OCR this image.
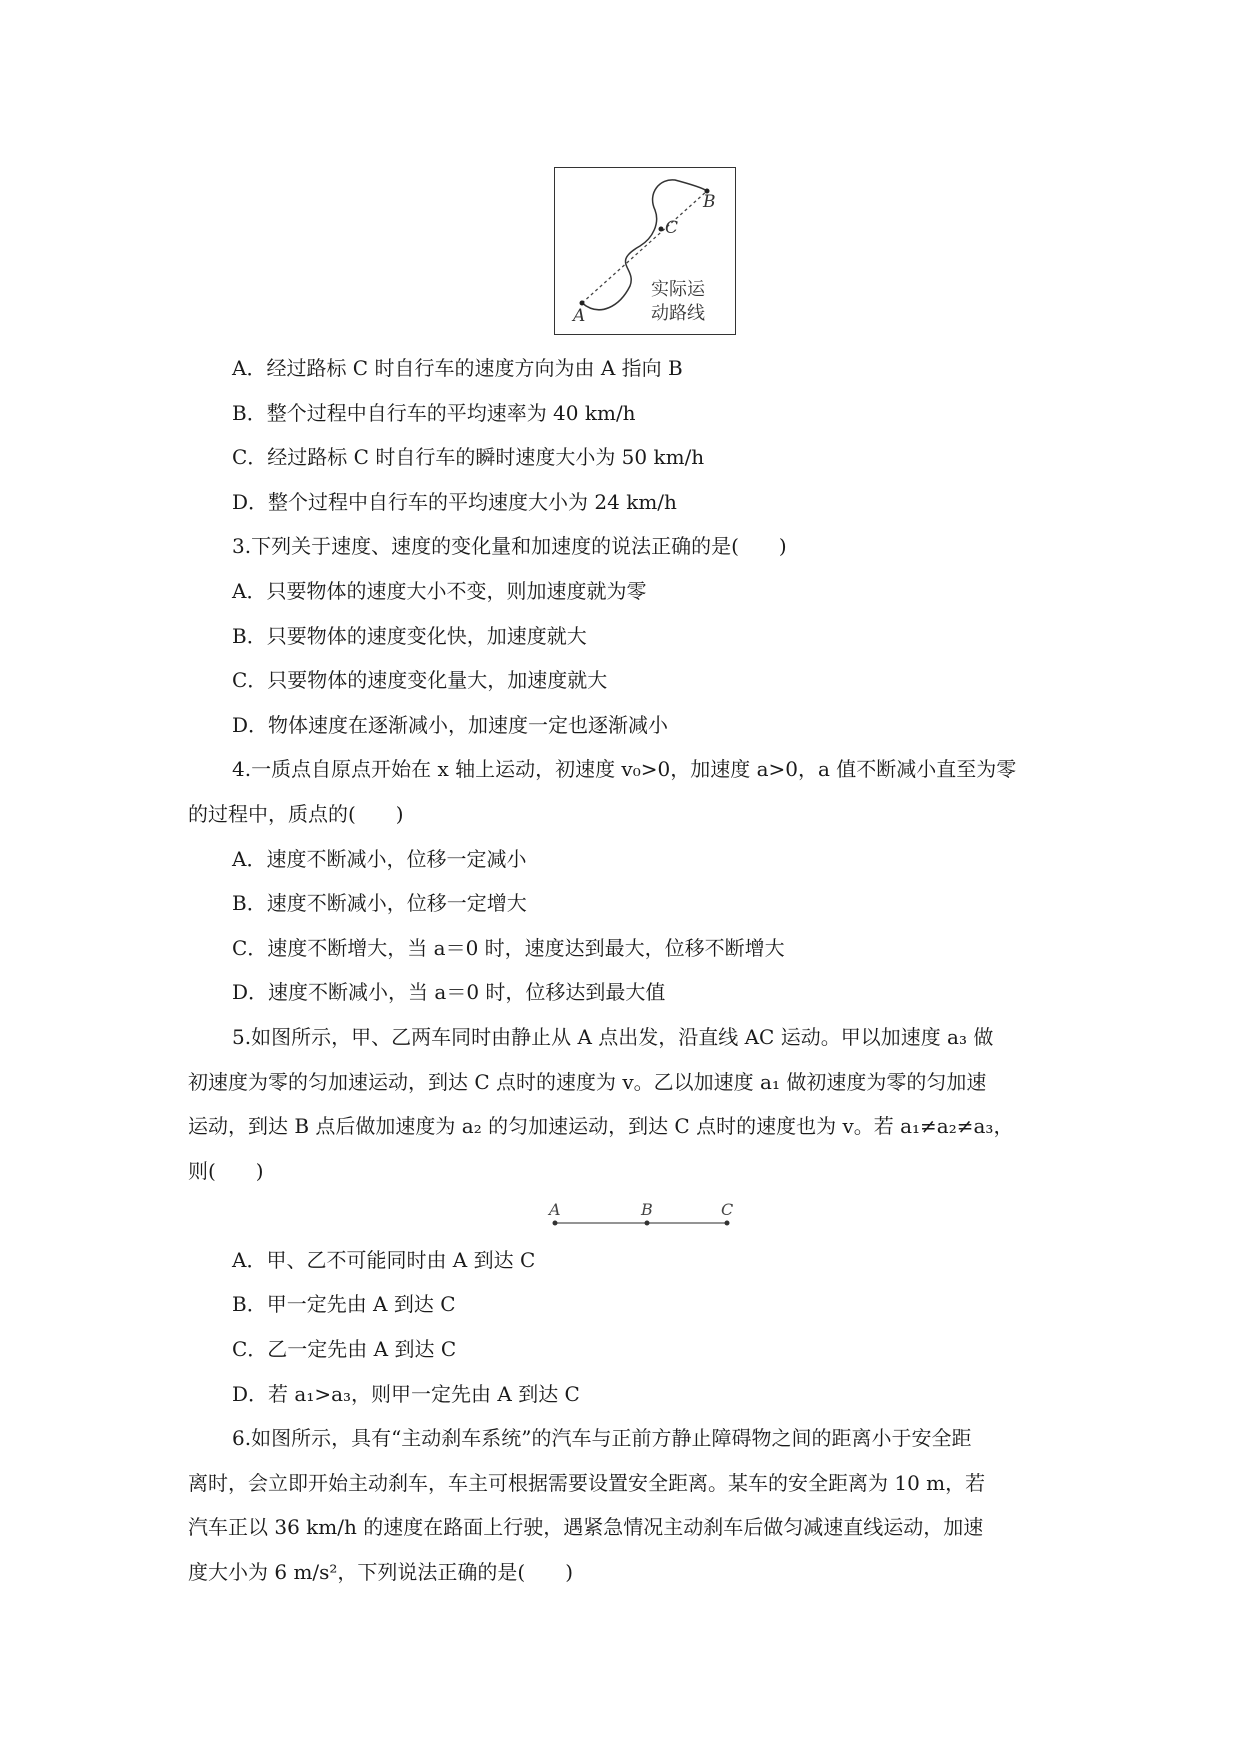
A
B
C
实际运
动路线
A．经过路标 C 时自行车的速度方向为由 A 指向 B
B．整个过程中自行车的平均速率为 40 km/h
C．经过路标 C 时自行车的瞬时速度大小为 50 km/h
D．整个过程中自行车的平均速度大小为 24 km/h
3.下列关于速度、速度的变化量和加速度的说法正确的是(　　)
A．只要物体的速度大小不变，则加速度就为零
B．只要物体的速度变化快，加速度就大
C．只要物体的速度变化量大，加速度就大
D．物体速度在逐渐减小，加速度一定也逐渐减小
4.一质点自原点开始在 x 轴上运动，初速度 v₀>0，加速度 a>0，a 值不断减小直至为零
的过程中，质点的(　　)
A．速度不断减小，位移一定减小
B．速度不断减小，位移一定增大
C．速度不断增大，当 a＝0 时，速度达到最大，位移不断增大
D．速度不断减小，当 a＝0 时，位移达到最大值
5.如图所示，甲、乙两车同时由静止从 A 点出发，沿直线 AC 运动。甲以加速度 a₃ 做
初速度为零的匀加速运动，到达 C 点时的速度为 v。乙以加速度 a₁ 做初速度为零的匀加速
运动，到达 B 点后做加速度为 a₂ 的匀加速运动，到达 C 点时的速度也为 v。若 a₁≠a₂≠a₃，
则(　　)
A	B	C
A．甲、乙不可能同时由 A 到达 C
B．甲一定先由 A 到达 C
C．乙一定先由 A 到达 C
D．若 a₁>a₃，则甲一定先由 A 到达 C
6.如图所示，具有“主动刹车系统”的汽车与正前方静止障碍物之间的距离小于安全距
离时，会立即开始主动刹车，车主可根据需要设置安全距离。某车的安全距离为 10 m，若
汽车正以 36 km/h 的速度在路面上行驶，遇紧急情况主动刹车后做匀减速直线运动，加速
度大小为 6 m/s²，下列说法正确的是(　　)
